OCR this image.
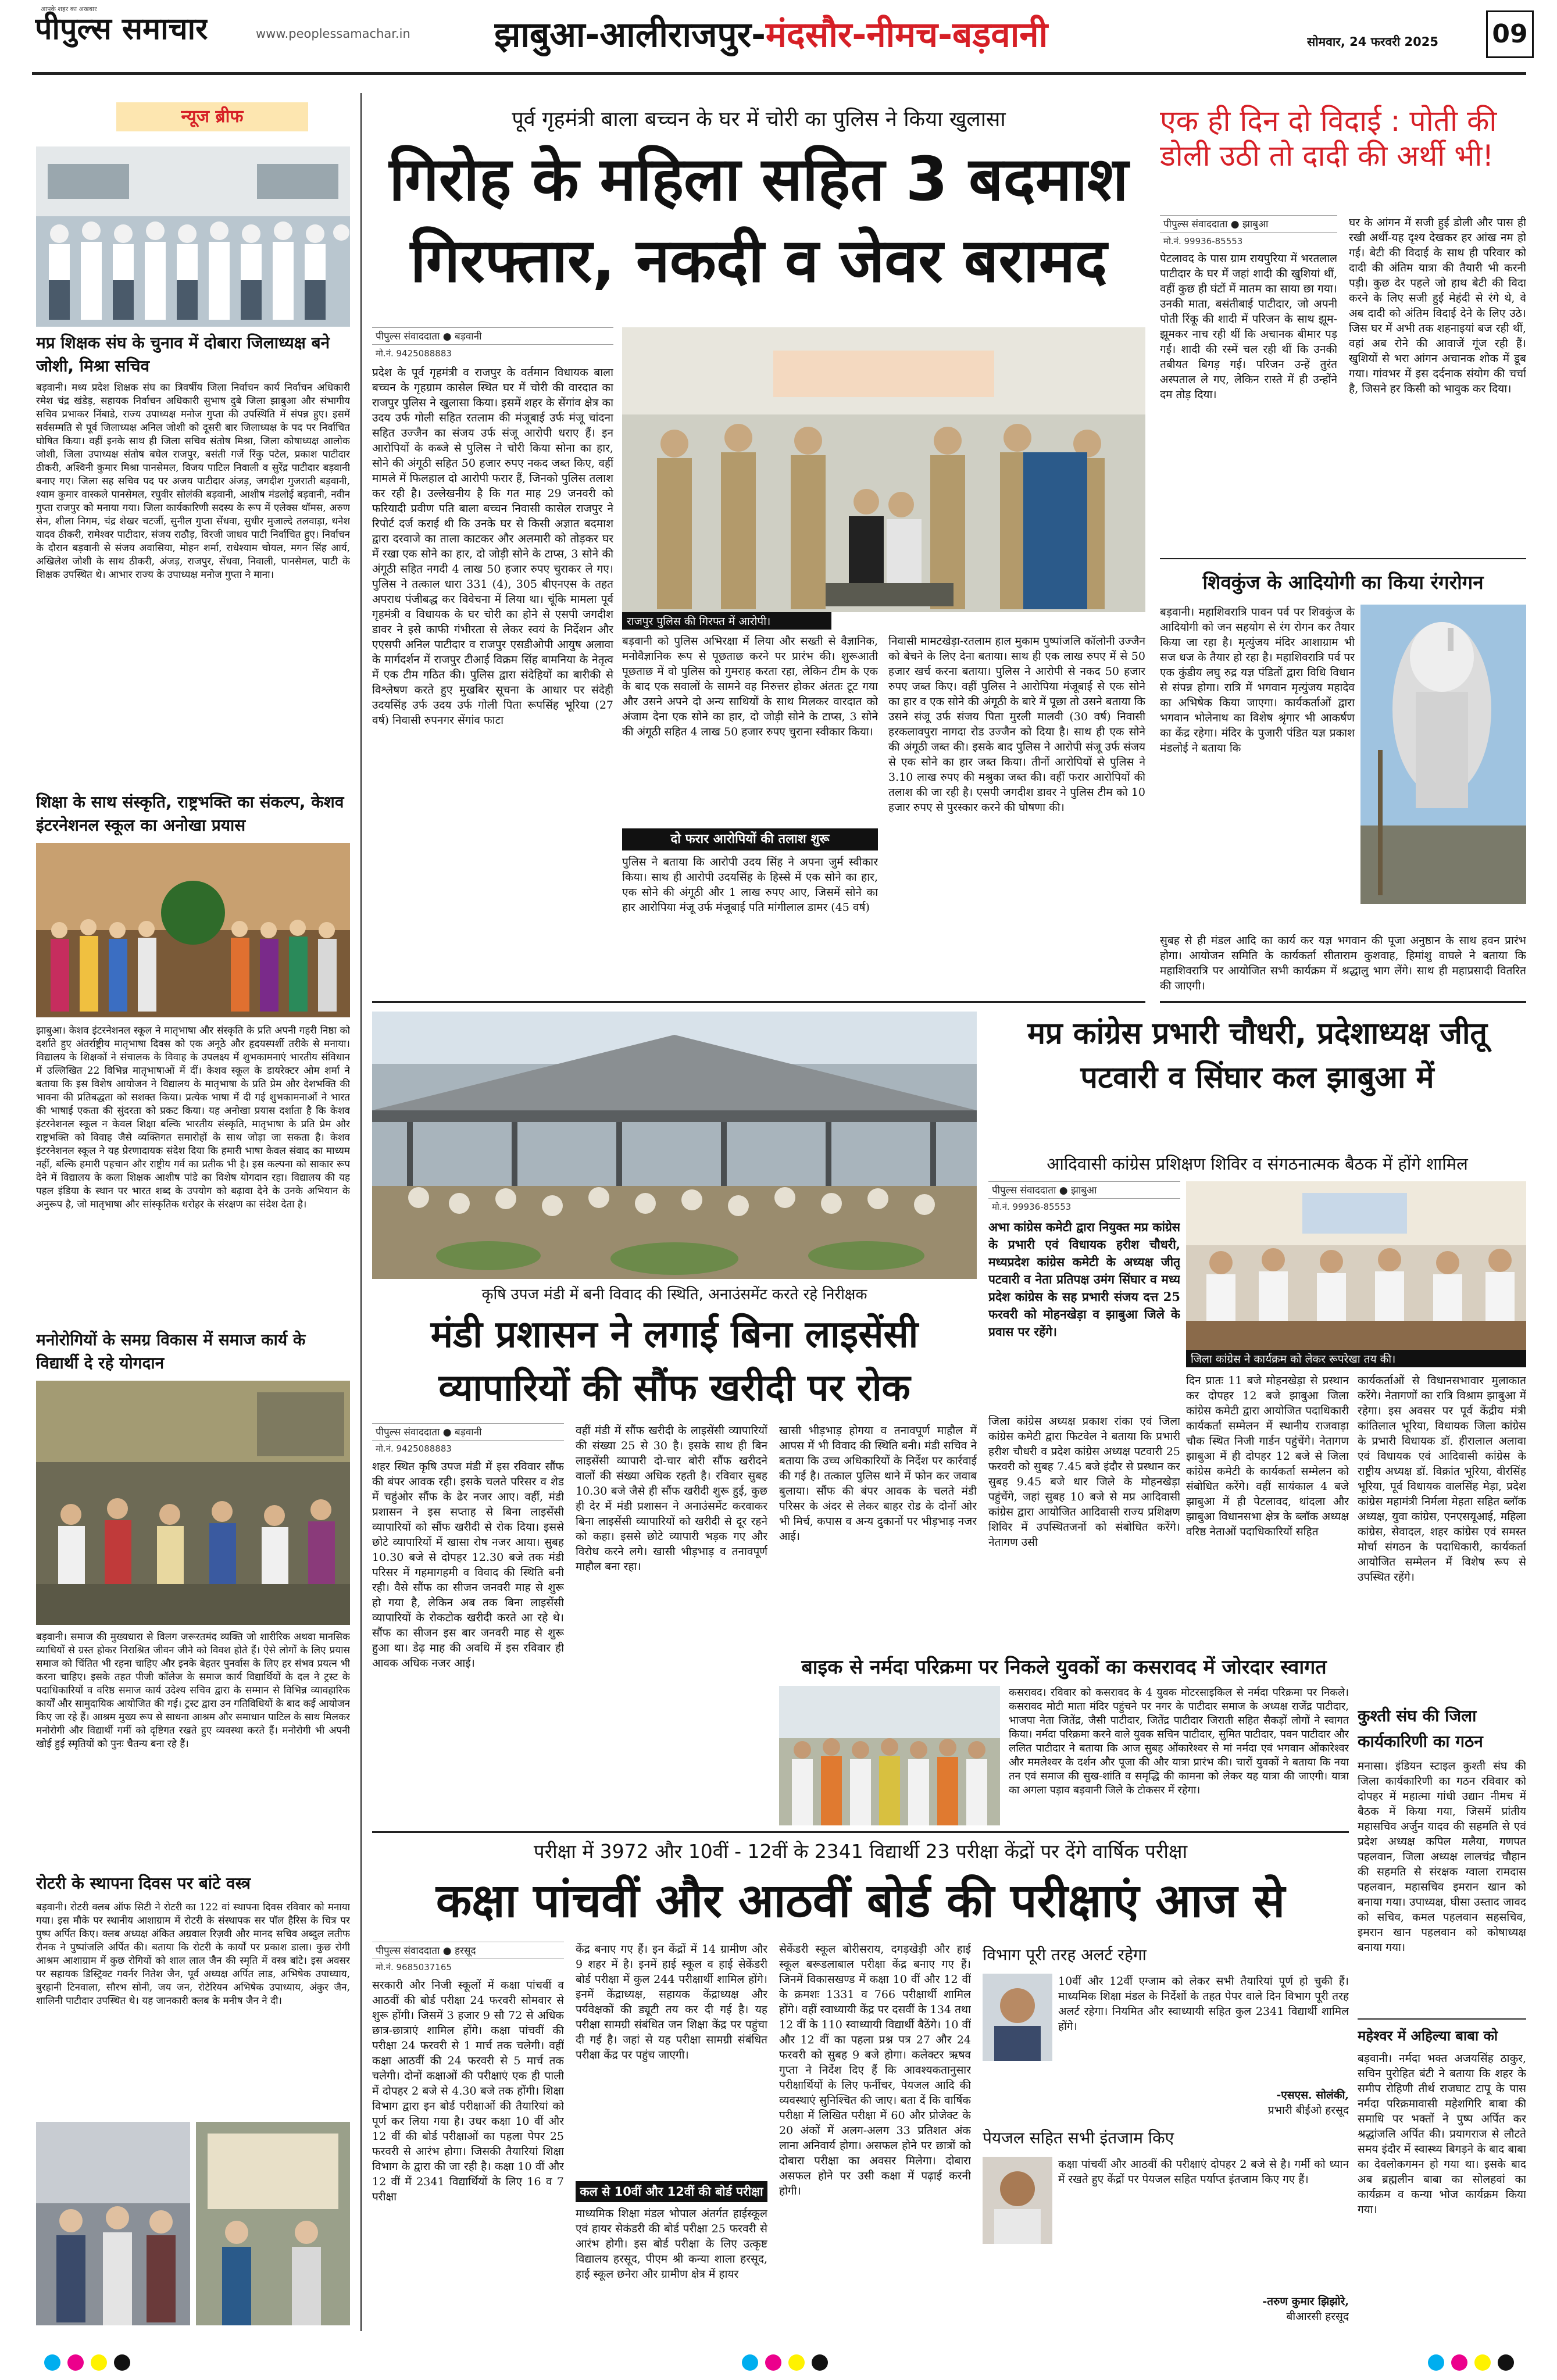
आपके शहर का अखबार
पीपुल्स समाचार	www.peoplessamachar.in झाबुआ-आलीराजपुर-मंदसौर-नीमच-बड़वानी	सोमवार, 24 फरवरी 2025 09
न्यूज ब्रीफ
मप्र शिक्षक संघ के चुनाव में दोबारा जिलाध्यक्ष बने जोशी, मिश्रा सचिव
बड़वानी। मध्य प्रदेश शिक्षक संघ का त्रिवर्षीय जिला निर्वाचन कार्य निर्वाचन अधिकारी रमेश चंद्र खंडेड़, सहायक निर्वाचन अधिकारी सुभाष दुबे जिला झाबुआ और संभागीय सचिव प्रभाकर निंबाडे, राज्य उपाध्यक्ष मनोज गुप्ता की उपस्थिति में संपन्न हुए। इसमें सर्वसम्मति से पूर्व जिलाध्यक्ष अनिल जोशी को दूसरी बार जिलाध्यक्ष के पद पर निर्वाचित घोषित किया। वहीं इनके साथ ही जिला सचिव संतोष मिश्रा, जिला कोषाध्यक्ष आलोक जोशी, जिला उपाध्यक्ष संतोष बघेल राजपुर, बसंती गर्जे रिंकु पटेल, प्रकाश पाटीदार ठीकरी, अश्विनी कुमार मिश्रा पानसेमल, विजय पाटिल निवाली व सुरेंद्र पाटीदार बड़वानी बनाए गए। जिला सह सचिव पद पर अजय पाटीदार अंजड़, जगदीश गुजराती बड़वानी, श्याम कुमार वास्कले पानसेमल, रघुवीर सोलंकी बड़वानी, आशीष मंडलोई बड़वानी, नवीन गुप्ता राजपुर को मनाया गया। जिला कार्यकारिणी सदस्य के रूप में एलेक्स थॉमस, अरुण सेन, शीला निगम, चंद्र शेखर चटर्जी, सुनील गुप्ता सेंधवा, सुधीर मुजाल्दे तलवाड़ा, धनेश यादव ठीकरी, रामेश्वर पाटीदार, संजय राठौड़, विरजी जाधव पाटी निर्वाचित हुए। निर्वाचन के दौरान बड़वानी से संजय अवासिया, मोहन शर्मा, राधेश्याम चोयल, मगन सिंह आर्य, अखिलेश जोशी के साथ ठीकरी, अंजड़, राजपुर, सेंधवा, निवाली, पानसेमल, पाटी के शिक्षक उपस्थित थे। आभार राज्य के उपाध्यक्ष मनोज गुप्ता ने माना।
शिक्षा के साथ संस्कृति, राष्ट्रभक्ति का संकल्प, केशव इंटरनेशनल स्कूल का अनोखा प्रयास
झाबुआ। केशव इंटरनेशनल स्कूल ने मातृभाषा और संस्कृति के प्रति अपनी गहरी निष्ठा को दर्शाते हुए अंतर्राष्ट्रीय मातृभाषा दिवस को एक अनूठे और हृदयस्पर्शी तरीके से मनाया। विद्यालय के शिक्षकों ने संचालक के विवाह के उपलक्ष्य में शुभकामनाएं भारतीय संविधान में उल्लिखित 22 विभिन्न मातृभाषाओं में दीं। केशव स्कूल के डायरेक्टर ओम शर्मा ने बताया कि इस विशेष आयोजन ने विद्यालय के मातृभाषा के प्रति प्रेम और देशभक्ति की भावना की प्रतिबद्धता को सशक्त किया। प्रत्येक भाषा में दी गई शुभकामनाओं ने भारत की भाषाई एकता की सुंदरता को प्रकट किया। यह अनोखा प्रयास दर्शाता है कि केशव इंटरनेशनल स्कूल न केवल शिक्षा बल्कि भारतीय संस्कृति, मातृभाषा के प्रति प्रेम और राष्ट्रभक्ति को विवाह जैसे व्यक्तिगत समारोहों के साथ जोड़ा जा सकता है। केशव इंटरनेशनल स्कूल ने यह प्रेरणादायक संदेश दिया कि हमारी भाषा केवल संवाद का माध्यम नहीं, बल्कि हमारी पहचान और राष्ट्रीय गर्व का प्रतीक भी है। इस कल्पना को साकार रूप देने में विद्यालय के कला शिक्षक आशीष पांडे का विशेष योगदान रहा। विद्यालय की यह पहल इंडिया के स्थान पर भारत शब्द के उपयोग को बढ़ावा देने के उनके अभियान के अनुरूप है, जो मातृभाषा और सांस्कृतिक धरोहर के संरक्षण का संदेश देता है।
मनोरोगियों के समग्र विकास में समाज कार्य के विद्यार्थी दे रहे योगदान
बड़वानी। समाज की मुख्यधारा से विलग जरूरतमंद व्यक्ति जो शारीरिक अथवा मानसिक व्याधियों से ग्रस्त होकर निराश्रित जीवन जीने को विवश होते हैं। ऐसे लोगों के लिए प्रयास समाज को चिंतित भी रहना चाहिए और इनके बेहतर पुनर्वास के लिए हर संभव प्रयत्न भी करना चाहिए। इसके तहत पीजी कॉलेज के समाज कार्य विद्यार्थियों के दल ने ट्रस्ट के पदाधिकारियों व वरिष्ठ समाज कार्य उदेश्य सचिव द्वारा के सम्मान से विभिन्न व्यावहारिक कार्यों और सामुदायिक आयोजित की गई। ट्रस्ट द्वारा उन गतिविधियों के बाद कई आयोजन किए जा रहे हैं। आश्रम मुख्य रूप से साधना आश्रम और समाधान पाटिल के साथ मिलकर मनोरोगी और विद्यार्थी गर्मी को दृष्टिगत रखते हुए व्यवस्था करते हैं। मनोरोगी भी अपनी खोई हुई स्मृतियों को पुनः चैतन्य बना रहे हैं।
रोटरी के स्थापना दिवस पर बांटे वस्त्र
बड़वानी। रोटरी क्लब ऑफ सिटी ने रोटरी का 122 वां स्थापना दिवस रविवार को मनाया गया। इस मौके पर स्थानीय आशाग्राम में रोटरी के संस्थापक सर पॉल हैरिस के चित्र पर पुष्प अर्पित किए। क्लब अध्यक्ष अंकित अग्रवाल रिज़वी और मानद सचिव अब्दुल लतीफ रौनक ने पुष्पांजलि अर्पित की। बताया कि रोटरी के कार्यों पर प्रकाश डाला। कुछ रोगी आश्रम आशाग्राम में कुछ रोगियों को शाल लाल जैन की स्मृति में वस्त्र बांटे। इस अवसर पर सहायक डिस्ट्रिक्ट गवर्नर नितेश जैन, पूर्व अध्यक्ष अर्पित लाड, अभिषेक उपाध्याय, बुरहानी टिनवाला, सौरभ सोनी, जय जन, रोटेरियन अभिषेक उपाध्याय, अंकुर जैन, शालिनी पाटीदार उपस्थित थे। यह जानकारी क्लब के मनीष जैन ने दी।
पूर्व गृहमंत्री बाला बच्चन के घर में चोरी का पुलिस ने किया खुलासा
गिरोह के महिला सहित 3 बदमाश गिरफ्तार, नकदी व जेवर बरामद
पीपुल्स संवाददाता ● बड़वानी
मो.नं. 9425088883
प्रदेश के पूर्व गृहमंत्री व राजपुर के वर्तमान विधायक बाला बच्चन के गृहग्राम कासेल स्थित घर में चोरी की वारदात का राजपुर पुलिस ने खुलासा किया। इसमें शहर के सेंगांव क्षेत्र का उदय उर्फ गोली सहित रतलाम की मंजूबाई उर्फ मंजू चांदना सहित उज्जैन का संजय उर्फ संजू आरोपी धराए हैं। इन आरोपियों के कब्जे से पुलिस ने चोरी किया सोना का हार, सोने की अंगूठी सहित 50 हजार रुपए नकद जब्त किए, वहीं मामले में फिलहाल दो आरोपी फरार हैं, जिनको पुलिस तलाश कर रही है। उल्लेखनीय है कि गत माह 29 जनवरी को फरियादी प्रवीण पति बाला बच्चन निवासी कासेल राजपुर ने रिपोर्ट दर्ज कराई थी कि उनके घर से किसी अज्ञात बदमाश द्वारा दरवाजे का ताला काटकर और अलमारी को तोड़कर घर में रखा एक सोने का हार, दो जोड़ी सोने के टाप्स, 3 सोने की अंगूठी सहित नगदी 4 लाख 50 हजार रुपए चुराकर ले गए। पुलिस ने तत्काल धारा 331 (4), 305 बीएनएस के तहत अपराध पंजीबद्ध कर विवेचना में लिया था। चूंकि मामला पूर्व गृहमंत्री व विधायक के घर चोरी का होने से एसपी जगदीश डावर ने इसे काफी गंभीरता से लेकर स्वयं के निर्देशन और एएसपी अनिल पाटीदार व राजपुर एसडीओपी आयुष अलावा के मार्गदर्शन में राजपुर टीआई विक्रम सिंह बामनिया के नेतृत्व में एक टीम गठित की। पुलिस द्वारा संदेहियों का बारीकी से विश्लेषण करते हुए मुखबिर सूचना के आधार पर संदेही उदयसिंह उर्फ उदय उर्फ गोली पिता रूपसिंह भूरिया (27 वर्ष) निवासी रुपनगर सेंगांव फाटा
राजपुर पुलिस की गिरफ्त में आरोपी।
बड़वानी को पुलिस अभिरक्षा में लिया और सख्ती से वैज्ञानिक, मनोवैज्ञानिक रूप से पूछताछ करने पर प्रारंभ की। शुरूआती पूछताछ में वो पुलिस को गुमराह करता रहा, लेकिन टीम के एक के बाद एक सवालों के सामने वह निरुत्तर होकर अंततः टूट गया और उसने अपने दो अन्य साथियों के साथ मिलकर वारदात को अंजाम देना एक सोने का हार, दो जोड़ी सोने के टाप्स, 3 सोने की अंगूठी सहित 4 लाख 50 हजार रुपए चुराना स्वीकार किया।
दो फरार आरोपियों की तलाश शुरू
पुलिस ने बताया कि आरोपी उदय सिंह ने अपना जुर्म स्वीकार किया। साथ ही आरोपी उदयसिंह के हिस्से में एक सोने का हार, एक सोने की अंगूठी और 1 लाख रुपए आए, जिसमें सोने का हार आरोपिया मंजू उर्फ मंजूबाई पति मांगीलाल डामर (45 वर्ष)
निवासी मामटखेड़ा-रतलाम हाल मुकाम पुष्पांजलि कॉलोनी उज्जैन को बेचने के लिए देना बताया। साथ ही एक लाख रुपए में से 50 हजार खर्च करना बताया। पुलिस ने आरोपी से नकद 50 हजार रुपए जब्त किए। वहीं पुलिस ने आरोपिया मंजूबाई से एक सोने का हार व एक सोने की अंगूठी के बारे में पूछा तो उसने बताया कि उसने संजू उर्फ संजय पिता मुरली मालवी (30 वर्ष) निवासी हरकलावपुरा नागदा रोड उज्जैन को दिया है। साथ ही एक सोने की अंगूठी जब्त की। इसके बाद पुलिस ने आरोपी संजू उर्फ संजय से एक सोने का हार जब्त किया। तीनों आरोपियों से पुलिस ने 3.10 लाख रुपए की मश्रुका जब्त की। वहीं फरार आरोपियों की तलाश की जा रही है। एसपी जगदीश डावर ने पुलिस टीम को 10 हजार रुपए से पुरस्कार करने की घोषणा की।
एक ही दिन दो विदाई : पोती की डोली उठी तो दादी की अर्थी भी!
पीपुल्स संवाददाता ● झाबुआ
मो.नं. 99936-85553
पेटलावद के पास ग्राम रायपुरिया में भरतलाल पाटीदार के घर में जहां शादी की खुशियां थीं, वहीं कुछ ही घंटों में मातम का साया छा गया। उनकी माता, बसंतीबाई पाटीदार, जो अपनी पोती रिंकू की शादी में परिजन के साथ झूम-झूमकर नाच रही थीं कि अचानक बीमार पड़ गई। शादी की रस्में चल रही थीं कि उनकी तबीयत बिगड़ गई। परिजन उन्हें तुरंत अस्पताल ले गए, लेकिन रास्ते में ही उन्होंने दम तोड़ दिया।
घर के आंगन में सजी हुई डोली और पास ही रखी अर्थी-यह दृश्य देखकर हर आंख नम हो गई। बेटी की विदाई के साथ ही परिवार को दादी की अंतिम यात्रा की तैयारी भी करनी पड़ी। कुछ देर पहले जो हाथ बेटी की विदा करने के लिए सजी हुई मेहंदी से रंगे थे, वे अब दादी को अंतिम विदाई देने के लिए उठे। जिस घर में अभी तक शहनाइयां बज रही थीं, वहां अब रोने की आवाजें गूंज रही हैं। खुशियों से भरा आंगन अचानक शोक में डूब गया। गांवभर में इस दर्दनाक संयोग की चर्चा है, जिसने हर किसी को भावुक कर दिया।
शिवकुंज के आदियोगी का किया रंगरोगन
बड़वानी। महाशिवरात्रि पावन पर्व पर शिवकुंज के आदियोगी को जन सहयोग से रंग रोगन कर तैयार किया जा रहा है। मृत्युंजय मंदिर आशाग्राम भी सज धज के तैयार हो रहा है। महाशिवरात्रि पर्व पर एक कुंडीय लघु रुद्र यज्ञ पंडितों द्वारा विधि विधान से संपन्न होगा। रात्रि में भगवान मृत्युंजय महादेव का अभिषेक किया जाएगा। कार्यकर्ताओं द्वारा भगवान भोलेनाथ का विशेष श्रृंगार भी आकर्षण का केंद्र रहेगा। मंदिर के पुजारी पंडित यज्ञ प्रकाश मंडलोई ने बताया कि
सुबह से ही मंडल आदि का कार्य कर यज्ञ भगवान की पूजा अनुष्ठान के साथ हवन प्रारंभ होगा। आयोजन समिति के कार्यकर्ता सीताराम कुशवाह, हिमांशु वाघले ने बताया कि महाशिवरात्रि पर आयोजित सभी कार्यक्रम में श्रद्धालु भाग लेंगे। साथ ही महाप्रसादी वितरित की जाएगी।
कृषि उपज मंडी में बनी विवाद की स्थिति, अनाउंसमेंट करते रहे निरीक्षक
मंडी प्रशासन ने लगाई बिना लाइसेंसी व्यापारियों की सौंफ खरीदी पर रोक
पीपुल्स संवाददाता ● बड़वानी
मो.नं. 9425088883
शहर स्थित कृषि उपज मंडी में इस रविवार सौंफ की बंपर आवक रही। इसके चलते परिसर व शेड में चहुंओर सौंफ के ढेर नजर आए। वहीं, मंडी प्रशासन ने इस सप्ताह से बिना लाइसेंसी व्यापारियों को सौंफ खरीदी से रोक दिया। इससे छोटे व्यापारियों में खासा रोष नजर आया। सुबह 10.30 बजे से दोपहर 12.30 बजे तक मंडी परिसर में गहमागहमी व विवाद की स्थिति बनी रही। वैसे सौंफ का सीजन जनवरी माह से शुरू हो गया है, लेकिन अब तक बिना लाइसेंसी व्यापारियों के रोकटोक खरीदी करते आ रहे थे। सौंफ का सीजन इस बार जनवरी माह से शुरू हुआ था। डेढ़ माह की अवधि में इस रविवार ही आवक अधिक नजर आई।
वहीं मंडी में सौंफ खरीदी के लाइसेंसी व्यापारियों की संख्या 25 से 30 है। इसके साथ ही बिन लाइसेंसी व्यापारी दो-चार बोरी सौंफ खरीदने वालों की संख्या अधिक रहती है। रविवार सुबह 10.30 बजे जैसे ही सौंफ खरीदी शुरू हुई, कुछ ही देर में मंडी प्रशासन ने अनाउंसमेंट करवाकर बिना लाइसेंसी व्यापारियों को खरीदी से दूर रहने को कहा। इससे छोटे व्यापारी भड़क गए और विरोध करने लगे। खासी भीड़भाड़ व तनावपूर्ण माहौल बना रहा।
खासी भीड़भाड़ होगया व तनावपूर्ण माहौल में आपस में भी विवाद की स्थिति बनी। मंडी सचिव ने बताया कि उच्च अधिकारियों के निर्देश पर कार्रवाई की गई है। तत्काल पुलिस थाने में फोन कर जवाब बुलाया। सौंफ की बंपर आवक के चलते मंडी परिसर के अंदर से लेकर बाहर रोड के दोनों ओर भी मिर्च, कपास व अन्य दुकानों पर भीड़भाड़ नजर आई।
मप्र कांग्रेस प्रभारी चौधरी, प्रदेशाध्यक्ष जीतू पटवारी व सिंघार कल झाबुआ में
आदिवासी कांग्रेस प्रशिक्षण शिविर व संगठनात्मक बैठक में होंगे शामिल
पीपुल्स संवाददाता ● झाबुआ
मो.नं. 99936-85553
अभा कांग्रेस कमेटी द्वारा नियुक्त मप्र कांग्रेस के प्रभारी एवं विधायक हरीश चौधरी, मध्यप्रदेश कांग्रेस कमेटी के अध्यक्ष जीतू पटवारी व नेता प्रतिपक्ष उमंग सिंघार व मध्य प्रदेश कांग्रेस के सह प्रभारी संजय दत्त 25 फरवरी को मोहनखेड़ा व झाबुआ जिले के प्रवास पर रहेंगे।
जिला कांग्रेस ने कार्यक्रम को लेकर रूपरेखा तय की।
जिला कांग्रेस अध्यक्ष प्रकाश रांका एवं जिला कांग्रेस कमेटी द्वारा फिटवेल ने बताया कि प्रभारी हरीश चौधरी व प्रदेश कांग्रेस अध्यक्ष पटवारी 25 फरवरी को सुबह 7.45 बजे इंदौर से प्रस्थान कर सुबह 9.45 बजे धार जिले के मोहनखेड़ा पहुंचेंगे, जहां सुबह 10 बजे से मप्र आदिवासी कांग्रेस द्वारा आयोजित आदिवासी राज्य प्रशिक्षण शिविर में उपस्थितजनों को संबोधित करेंगे। नेतागण उसी
दिन प्रातः 11 बजे मोहनखेड़ा से प्रस्थान कर दोपहर 12 बजे झाबुआ जिला कांग्रेस कमेटी द्वारा आयोजित पदाधिकारी कार्यकर्ता सम्मेलन में स्थानीय राजवाड़ा चौक स्थित निजी गार्डन पहुंचेंगे। नेतागण झाबुआ में ही दोपहर 12 बजे से जिला कांग्रेस कमेटी के कार्यकर्ता सम्मेलन को संबोधित करेंगे। वहीं सायंकाल 4 बजे झाबुआ में ही पेटलावद, थांदला और झाबुआ विधानसभा क्षेत्र के ब्लॉक अध्यक्ष वरिष्ठ नेताओं पदाधिकारियों सहित
कार्यकर्ताओं से विधानसभावार मुलाकात करेंगे। नेतागणों का रात्रि विश्राम झाबुआ में रहेगा। इस अवसर पर पूर्व केंद्रीय मंत्री कांतिलाल भूरिया, विधायक जिला कांग्रेस के प्रभारी विधायक डॉ. हीरालाल अलावा एवं विधायक एवं आदिवासी कांग्रेस के राष्ट्रीय अध्यक्ष डॉ. विक्रांत भूरिया, वीरसिंह भूरिया, पूर्व विधायक वालसिंह मेड़ा, प्रदेश कांग्रेस महामंत्री निर्मला मेहता सहित ब्लॉक अध्यक्ष, युवा कांग्रेस, एनएसयूआई, महिला कांग्रेस, सेवादल, शहर कांग्रेस एवं समस्त मोर्चा संगठन के पदाधिकारी, कार्यकर्ता आयोजित सम्मेलन में विशेष रूप से उपस्थित रहेंगे।
बाइक से नर्मदा परिक्रमा पर निकले युवकों का कसरावद में जोरदार स्वागत
कसरावद। रविवार को कसरावद के 4 युवक मोटरसाइकिल से नर्मदा परिक्रमा पर निकले। कसरावद मोटी माता मंदिर पहुंचने पर नगर के पाटीदार समाज के अध्यक्ष राजेंद्र पाटीदार, भाजपा नेता जितेंद्र, जैसी पाटीदार, जितेंद्र पाटीदार जिराती सहित सैकड़ों लोगों ने स्वागत किया। नर्मदा परिक्रमा करने वाले युवक सचिन पाटीदार, सुमित पाटीदार, पवन पाटीदार और ललित पाटीदार ने बताया कि आज सुबह ओंकारेश्वर से मां नर्मदा एवं भगवान ओंकारेश्वर और ममलेश्वर के दर्शन और पूजा की और यात्रा प्रारंभ की। चारों युवकों ने बताया कि नया तन एवं समाज की सुख-शांति व समृद्धि की कामना को लेकर यह यात्रा की जाएगी। यात्रा का अगला पड़ाव बड़वानी जिले के टोकसर में रहेगा।
कुश्ती संघ की जिला कार्यकारिणी का गठन
मनासा। इंडियन स्टाइल कुश्ती संघ की जिला कार्यकारिणी का गठन रविवार को दोपहर में महात्मा गांधी उद्यान नीमच में बैठक में किया गया, जिसमें प्रांतीय महासचिव अर्जुन यादव की सहमति से एवं प्रदेश अध्यक्ष कपिल मलैया, गणपत पहलवान, जिला अध्यक्ष लालचंद्र चौहान की सहमति से संरक्षक ग्वाला रामदास पहलवान, महासचिव इमरान खान को बनाया गया। उपाध्यक्ष, घीसा उस्ताद जावद को सचिव, कमल पहलवान सहसचिव, इमरान खान पहलवान को कोषाध्यक्ष बनाया गया।
परीक्षा में 3972 और 10वीं - 12वीं के 2341 विद्यार्थी 23 परीक्षा केंद्रों पर देंगे वार्षिक परीक्षा
कक्षा पांचवीं और आठवीं बोर्ड की परीक्षाएं आज से
पीपुल्स संवाददाता ● हरसूद
मो.नं. 9685037165
सरकारी और निजी स्कूलों में कक्षा पांचवीं व आठवीं की बोर्ड परीक्षा 24 फरवरी सोमवार से शुरू होंगी। जिसमें 3 हजार 9 सौ 72 से अधिक छात्र-छात्राएं शामिल होंगे। कक्षा पांचवीं की परीक्षा 24 फरवरी से 1 मार्च तक चलेगी। वहीं कक्षा आठवीं की 24 फरवरी से 5 मार्च तक चलेगी। दोनों कक्षाओं की परीक्षाएं एक ही पाली में दोपहर 2 बजे से 4.30 बजे तक होंगी। शिक्षा विभाग द्वारा इन बोर्ड परीक्षाओं की तैयारियां को पूर्ण कर लिया गया है। उधर कक्षा 10 वीं और 12 वीं की बोर्ड परीक्षाओं का पहला पेपर 25 फरवरी से आरंभ होगा। जिसकी तैयारियां शिक्षा विभाग के द्वारा की जा रही है। कक्षा 10 वीं और 12 वीं में 2341 विद्यार्थियों के लिए 16 व 7 परीक्षा
केंद्र बनाए गए हैं। इन केंद्रों में 14 ग्रामीण और 9 शहर में है। इनमें हाई स्कूल व हाई सेकेंडरी बोर्ड परीक्षा में कुल 244 परीक्षार्थी शामिल होंगे। इनमें केंद्राध्यक्ष, सहायक केंद्राध्यक्ष और पर्यवेक्षकों की ड्यूटी तय कर दी गई है। यह परीक्षा सामग्री संबंधित जन शिक्षा केंद्र पर पहुंचा दी गई है। जहां से यह परीक्षा सामग्री संबंधित परीक्षा केंद्र पर पहुंच जाएगी।
कल से 10वीं और 12वीं की बोर्ड परीक्षा
माध्यमिक शिक्षा मंडल भोपाल अंतर्गत हाईस्कूल एवं हायर सेकंडरी की बोर्ड परीक्षा 25 फरवरी से आरंभ होगी। इस बोर्ड परीक्षा के लिए उत्कृष्ट विद्यालय हरसूद, पीएम श्री कन्या शाला हरसूद, हाई स्कूल छनेरा और ग्रामीण क्षेत्र में हायर
सेकेंडरी स्कूल बोरीसराय, दगड़खेड़ी और हाई स्कूल बरूडलाबाल परीक्षा केंद्र बनाए गए हैं। जिनमें विकासखण्ड में कक्षा 10 वीं और 12 वीं के क्रमशः 1331 व 766 परीक्षार्थी शामिल होंगे। वहीं स्वाध्यायी केंद्र पर दसवीं के 134 तथा 12 वीं के 110 स्वाध्यायी विद्यार्थी बैठेंगे। 10 वीं और 12 वीं का पहला प्रश्न पत्र 27 और 24 फरवरी को सुबह 9 बजे होगा। कलेक्टर ऋषव गुप्ता ने निर्देश दिए हैं कि आवश्यकतानुसार परीक्षार्थियों के लिए फर्नीचर, पेयजल आदि की व्यवस्थाएं सुनिश्चित की जाए। बता दें कि वार्षिक परीक्षा में लिखित परीक्षा में 60 और प्रोजेक्ट के 20 अंकों में अलग-अलग 33 प्रतिशत अंक लाना अनिवार्य होगा। असफल होने पर छात्रों को दोबारा परीक्षा का अवसर मिलेगा। दोबारा असफल होने पर उसी कक्षा में पढ़ाई करनी होगी।
विभाग पूरी तरह अलर्ट रहेगा
10वीं और 12वीं एग्जाम को लेकर सभी तैयारियां पूर्ण हो चुकी हैं। माध्यमिक शिक्षा मंडल के निर्देशों के तहत पेपर वाले दिन विभाग पूरी तरह अलर्ट रहेगा। नियमित और स्वाध्यायी सहित कुल 2341 विद्यार्थी शामिल होंगे।
-एसएस. सोलंकी,
प्रभारी बीईओ हरसूद
पेयजल सहित सभी इंतजाम किए
कक्षा पांचवीं और आठवीं की परीक्षाएं दोपहर 2 बजे से है। गर्मी को ध्यान में रखते हुए केंद्रों पर पेयजल सहित पर्याप्त इंतजाम किए गए हैं।
-तरुण कुमार झिझोरे,
बीआरसी हरसूद
महेश्वर में अहिल्या बाबा को
बड़वानी। नर्मदा भक्त अजयसिंह ठाकुर, सचिन पुरोहित बंटी ने बताया कि शहर के समीप रोहिणी तीर्थ राजघाट टापू के पास नर्मदा परिक्रमावासी महेशगिरि बाबा की समाधि पर भक्तों ने पुष्प अर्पित कर श्रद्धांजलि अर्पित की। प्रयागराज से लौटते समय इंदौर में स्वास्थ्य बिगड़ने के बाद बाबा का देवलोकगमन हो गया था। इसके बाद अब ब्रह्मलीन बाबा का सोलहवां का कार्यक्रम व कन्या भोज कार्यक्रम किया गया।
